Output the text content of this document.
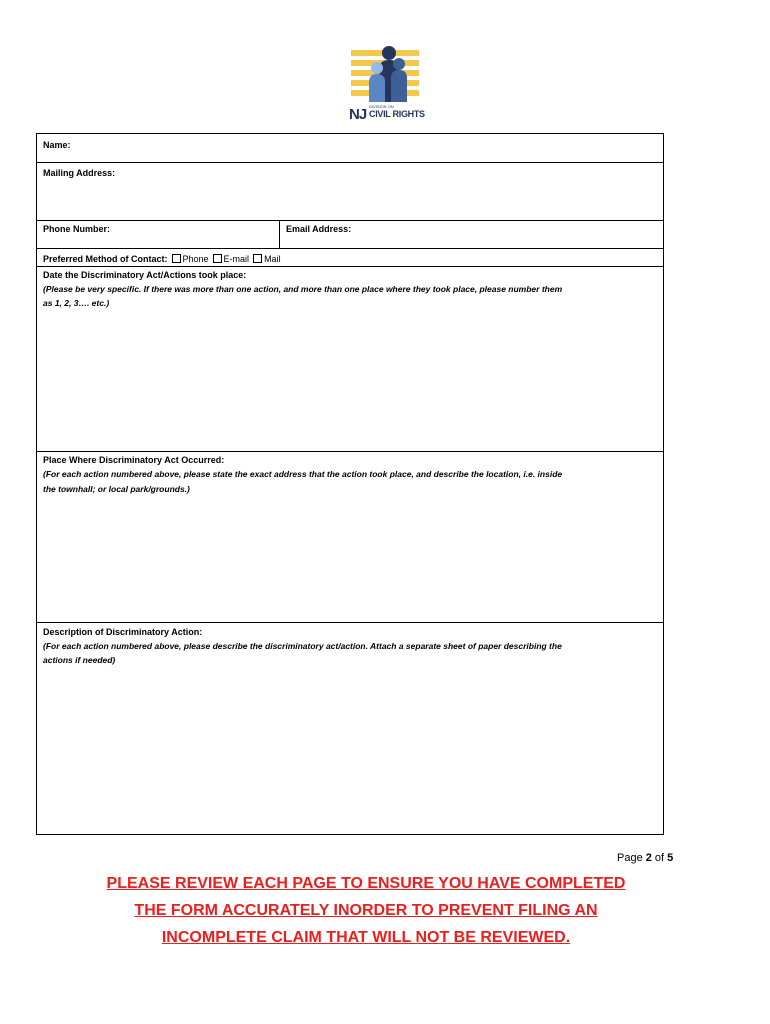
NJ DIVISION ON
CIVIL RIGHTS
Name:
Mailing Address:
Phone Number:	Email Address:
Preferred Method of Contact: Phone E-mail Mail
Date the Discriminatory Act/Actions took place:
(Please be very specific. If there was more than one action, and more than one place where they took place, please number them
as 1, 2, 3…. etc.)
Place Where Discriminatory Act Occurred:
(For each action numbered above, please state the exact address that the action took place, and describe the location, i.e. inside
the townhall; or local park/grounds.)
Description of Discriminatory Action:
(For each action numbered above, please describe the discriminatory act/action. Attach a separate sheet of paper describing the
actions if needed)
Page 2 of 5
PLEASE REVIEW EACH PAGE TO ENSURE YOU HAVE COMPLETED
THE FORM ACCURATELY INORDER TO PREVENT FILING AN
INCOMPLETE CLAIM THAT WILL NOT BE REVIEWED.
